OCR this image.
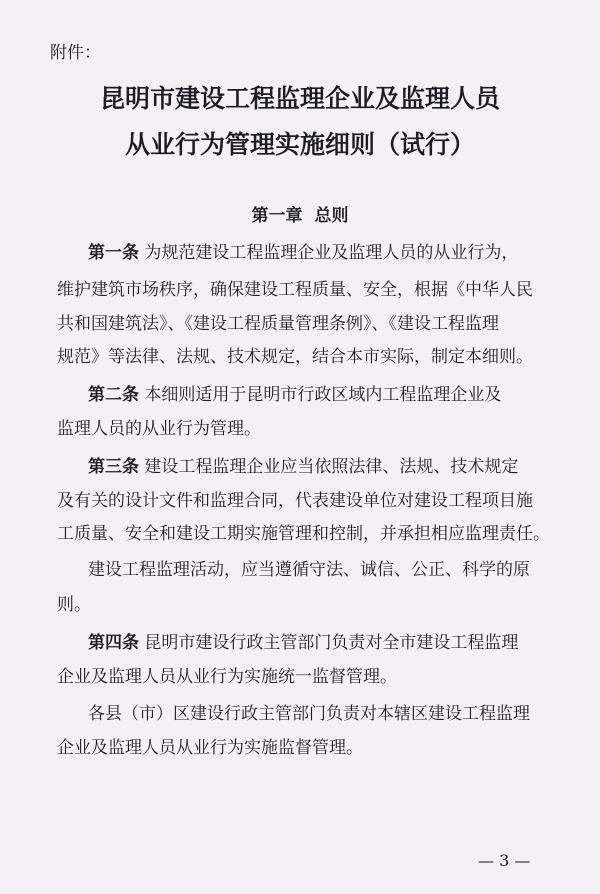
附件：
昆明市建设工程监理企业及监理人员
从业行为管理实施细则（试行）
第一章 总则
第一条 为规范建设工程监理企业及监理人员的从业行为，
维护建筑市场秩序，确保建设工程质量、安全，根据《中华人民
共和国建筑法》、《建设工程质量管理条例》、《建设工程监理
规范》等法律、法规、技术规定，结合本市实际，制定本细则。
第二条 本细则适用于昆明市行政区域内工程监理企业及
监理人员的从业行为管理。
第三条 建设工程监理企业应当依照法律、法规、技术规定
及有关的设计文件和监理合同，代表建设单位对建设工程项目施
工质量、安全和建设工期实施管理和控制，并承担相应监理责任。
建设工程监理活动，应当遵循守法、诚信、公正、科学的原
则。
第四条 昆明市建设行政主管部门负责对全市建设工程监理
企业及监理人员从业行为实施统一监督管理。
各县（市）区建设行政主管部门负责对本辖区建设工程监理
企业及监理人员从业行为实施监督管理。
— 3 —
